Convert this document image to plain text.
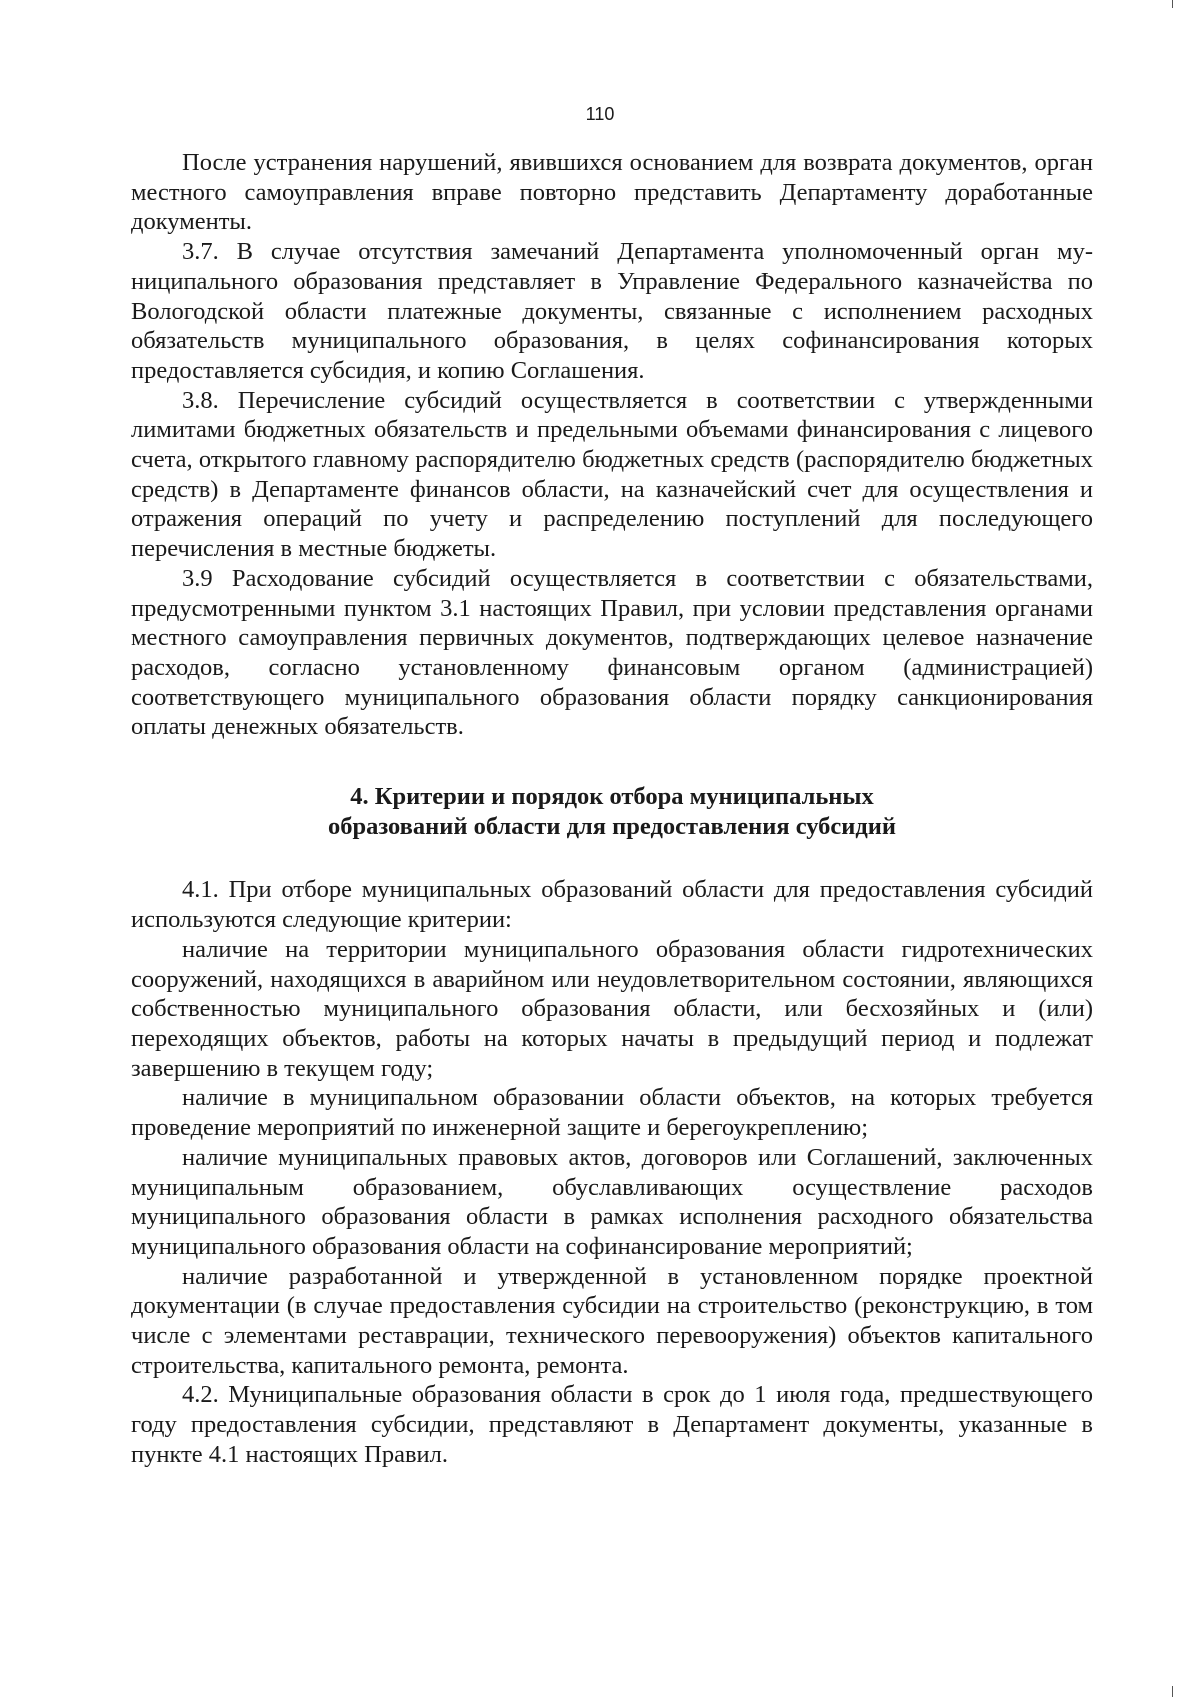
110

После устранения нарушений, явившихся основанием для возврата документов, орган местного самоуправления вправе повторно представить Департаменту доработанные документы.

3.7. В случае отсутствия замечаний Департамента уполномоченный орган муниципального образования представляет в Управление Федерального казначейства по Вологодской области платежные документы, связанные с исполнением расходных обязательств муниципального образования, в целях софинансирования которых предоставляется субсидия, и копию Соглашения.

3.8. Перечисление субсидий осуществляется в соответствии с утвержденными лимитами бюджетных обязательств и предельными объемами финансирования с лицевого счета, открытого главному распорядителю бюджетных средств (распорядителю бюджетных средств) в Департаменте финансов области, на казначейский счет для осуществления и отражения операций по учету и распределению поступлений для последующего перечисления в местные бюджеты.

3.9 Расходование субсидий осуществляется в соответствии с обязательствами, предусмотренными пунктом 3.1 настоящих Правил, при условии представления органами местного самоуправления первичных документов, подтверждающих целевое назначение расходов, согласно установленному финансовым органом (администрацией) соответствующего муниципального образования области порядку санкционирования оплаты денежных обязательств.

4. Критерии и порядок отбора муниципальных
образований области для предоставления субсидий

4.1. При отборе муниципальных образований области для предоставления субсидий используются следующие критерии:

наличие на территории муниципального образования области гидротехнических сооружений, находящихся в аварийном или неудовлетворительном состоянии, являющихся собственностью муниципального образования области, или бесхозяйных и (или) переходящих объектов, работы на которых начаты в предыдущий период и подлежат завершению в текущем году;

наличие в муниципальном образовании области объектов, на которых требуется проведение мероприятий по инженерной защите и берегоукреплению;

наличие муниципальных правовых актов, договоров или Соглашений, заключенных муниципальным образованием, обуславливающих осуществление расходов муниципального образования области в рамках исполнения расходного обязательства муниципального образования области на софинансирование мероприятий;

наличие разработанной и утвержденной в установленном порядке проектной документации (в случае предоставления субсидии на строительство (реконструкцию, в том числе с элементами реставрации, технического перевооружения) объектов капитального строительства, капитального ремонта, ремонта.

4.2. Муниципальные образования области в срок до 1 июля года, предшествующего году предоставления субсидии, представляют в Департамент документы, указанные в пункте 4.1 настоящих Правил.
